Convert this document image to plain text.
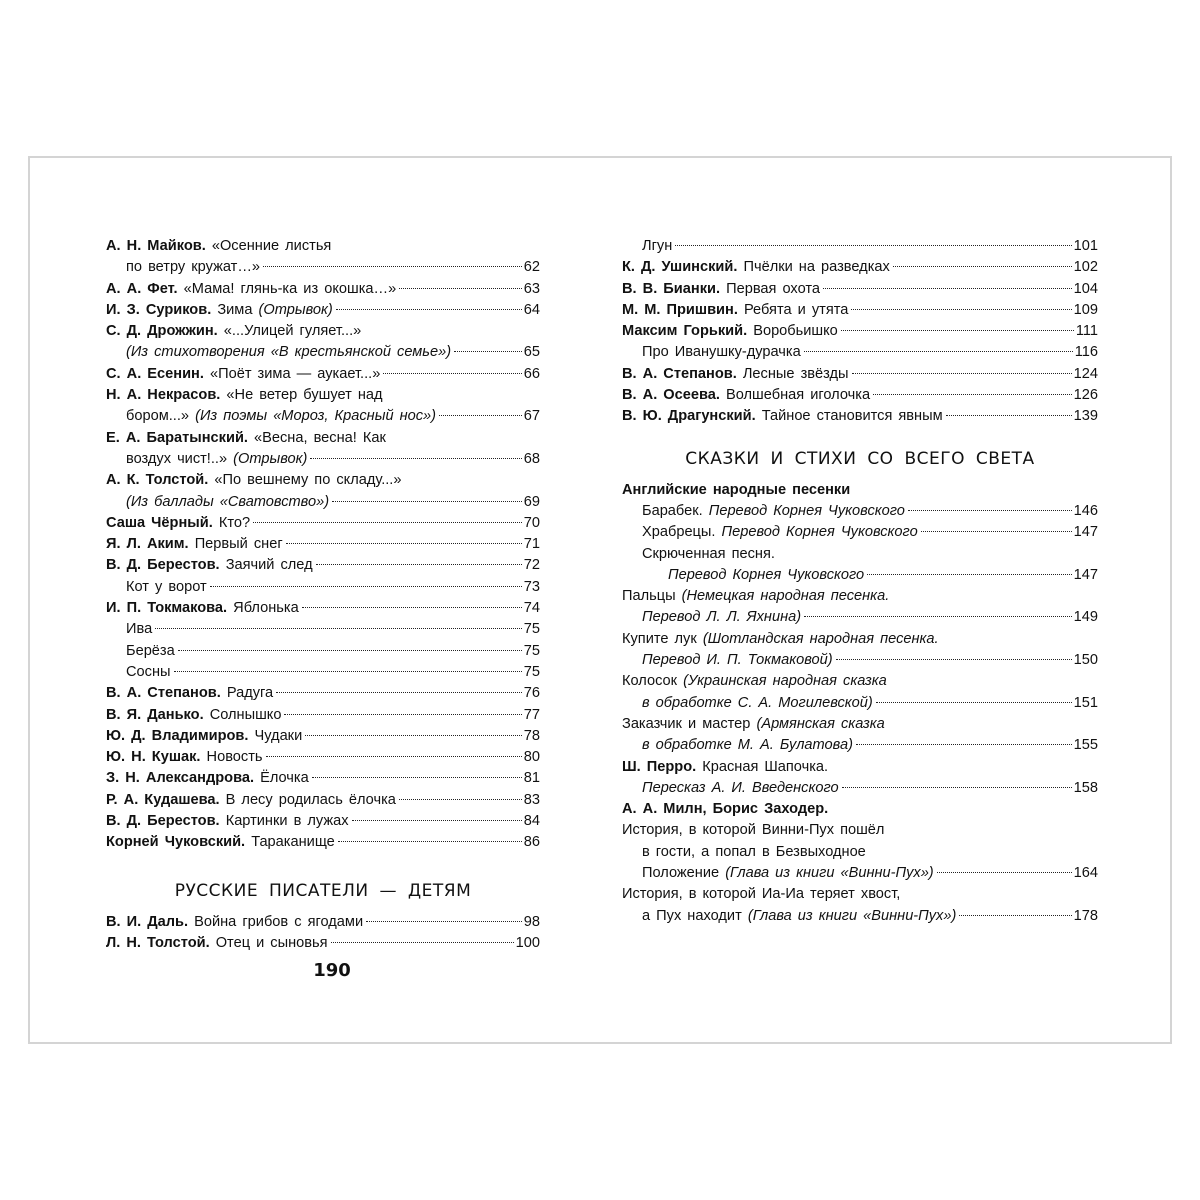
А. Н. Майков. «Осенние листья
по ветру кружат…»	62
А. А. Фет. «Мама! глянь-ка из окошка…»	63
И. З. Суриков. Зима (Отрывок)	64
С. Д. Дрожжин. «...Улицей гуляет...»
(Из стихотворения «В крестьянской семье»)	65
С. А. Есенин. «Поёт зима — аукает...»	66
Н. А. Некрасов. «Не ветер бушует над
бором...» (Из поэмы «Мороз, Красный нос»)	67
Е. А. Баратынский. «Весна, весна! Как
воздух чист!..» (Отрывок)	68
А. К. Толстой. «По вешнему по складу...»
(Из баллады «Сватовство»)	69
Саша Чёрный. Кто?	70
Я. Л. Аким. Первый снег	71
В. Д. Берестов. Заячий след	72
Кот у ворот	73
И. П. Токмакова. Яблонька	74
Ива	75
Берёза	75
Сосны	75
В. А. Степанов. Радуга	76
В. Я. Данько. Солнышко	77
Ю. Д. Владимиров. Чудаки	78
Ю. Н. Кушак. Новость	80
З. Н. Александрова. Ёлочка	81
Р. А. Кудашева. В лесу родилась ёлочка	83
В. Д. Берестов. Картинки в лужах	84
Корней Чуковский. Тараканище	86
РУССКИЕ ПИСАТЕЛИ — ДЕТЯМ
В. И. Даль. Война грибов с ягодами	98
Л. Н. Толстой. Отец и сыновья	100
Лгун	101
К. Д. Ушинский. Пчёлки на разведках	102
В. В. Бианки. Первая охота	104
М. М. Пришвин. Ребята и утята	109
Максим Горький. Воробьишко	111
Про Иванушку-дурачка	116
В. А. Степанов. Лесные звёзды	124
В. А. Осеева. Волшебная иголочка	126
В. Ю. Драгунский. Тайное становится явным	139
СКАЗКИ И СТИХИ СО ВСЕГО СВЕТА
Английские народные песенки
Барабек. Перевод Корнея Чуковского	146
Храбрецы. Перевод Корнея Чуковского	147
Скрюченная песня.
Перевод Корнея Чуковского	147
Пальцы (Немецкая народная песенка.
Перевод Л. Л. Яхнина)	149
Купите лук (Шотландская народная песенка.
Перевод И. П. Токмаковой)	150
Колосок (Украинская народная сказка
в обработке С. А. Могилевской)	151
Заказчик и мастер (Армянская сказка
в обработке М. А. Булатова)	155
Ш. Перро. Красная Шапочка.
Пересказ А. И. Введенского	158
А. А. Милн, Борис Заходер.
История, в которой Винни-Пух пошёл
в гости, а попал в Безвыходное
Положение (Глава из книги «Винни-Пух»)	164
История, в которой Иа-Иа теряет хвост,
а Пух находит (Глава из книги «Винни-Пух»)	178
190
